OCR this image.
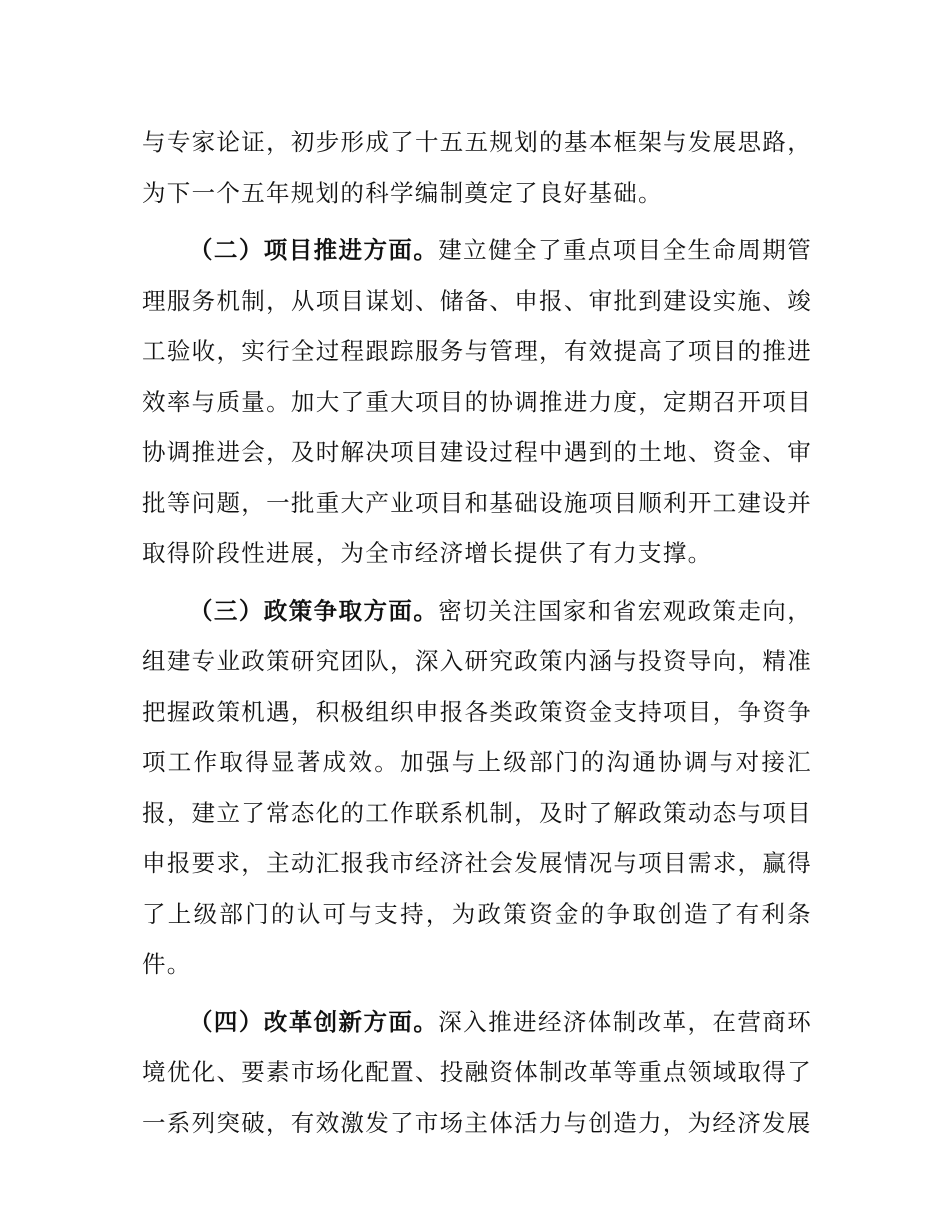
与专家论证，初步形成了十五五规划的基本框架与发展思路，为下一个五年规划的科学编制奠定了良好基础。

（二）项目推进方面。建立健全了重点项目全生命周期管理服务机制，从项目谋划、储备、申报、审批到建设实施、竣工验收，实行全过程跟踪服务与管理，有效提高了项目的推进效率与质量。加大了重大项目的协调推进力度，定期召开项目协调推进会，及时解决项目建设过程中遇到的土地、资金、审批等问题，一批重大产业项目和基础设施项目顺利开工建设并取得阶段性进展，为全市经济增长提供了有力支撑。

（三）政策争取方面。密切关注国家和省宏观政策走向，组建专业政策研究团队，深入研究政策内涵与投资导向，精准把握政策机遇，积极组织申报各类政策资金支持项目，争资争项工作取得显著成效。加强与上级部门的沟通协调与对接汇报，建立了常态化的工作联系机制，及时了解政策动态与项目申报要求，主动汇报我市经济社会发展情况与项目需求，赢得了上级部门的认可与支持，为政策资金的争取创造了有利条件。

（四）改革创新方面。深入推进经济体制改革，在营商环境优化、要素市场化配置、投融资体制改革等重点领域取得了一系列突破，有效激发了市场主体活力与创造力，为经济发展
